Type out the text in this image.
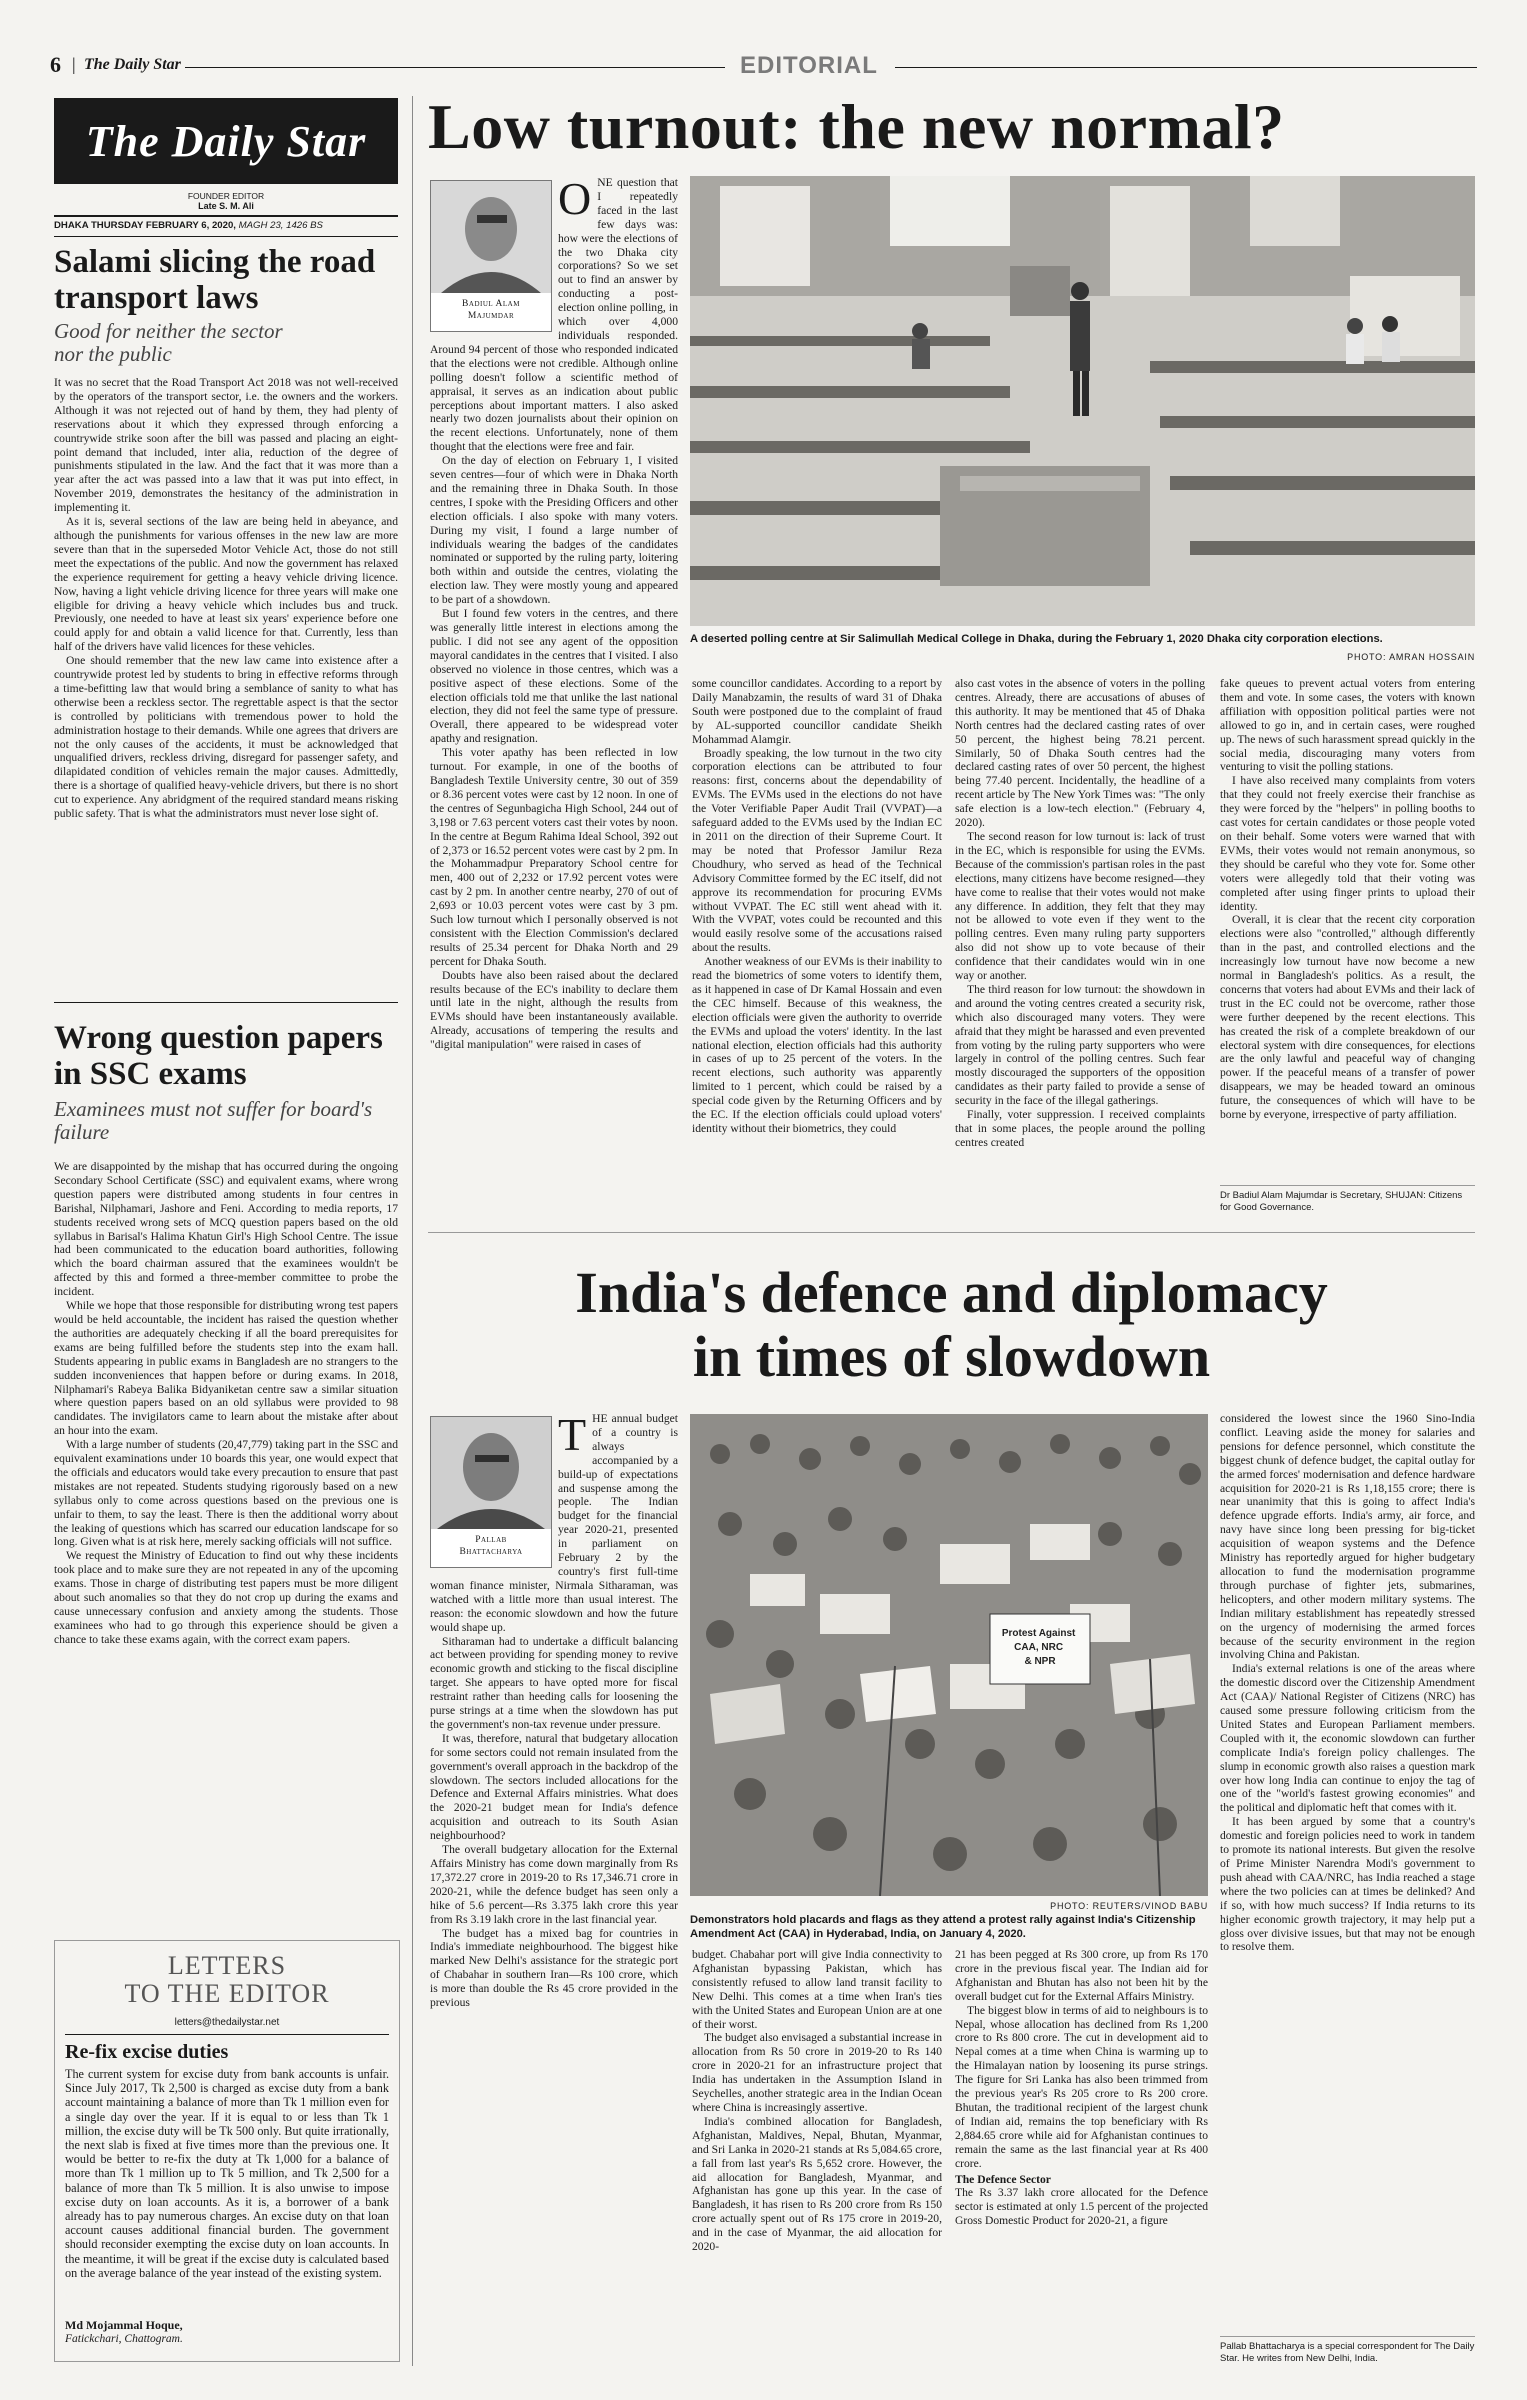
6 | The Daily Star	EDITORIAL
The Daily Star
FOUNDER EDITOR
Late S. M. Ali
DHAKA THURSDAY FEBRUARY 6, 2020, MAGH 23, 1426 BS
Salami slicing the road transport laws
Good for neither the sector nor the public

It was no secret that the Road Transport Act 2018 was not well-received by the operators of the transport sector, i.e. the owners and the workers. Although it was not rejected out of hand by them, they had plenty of reservations about it which they expressed through enforcing a countrywide strike soon after the bill was passed and placing an eight-point demand that included, inter alia, reduction of the degree of punishments stipulated in the law. And the fact that it was more than a year after the act was passed into a law that it was put into effect, in November 2019, demonstrates the hesitancy of the administration in implementing it.

As it is, several sections of the law are being held in abeyance, and although the punishments for various offenses in the new law are more severe than that in the superseded Motor Vehicle Act, those do not still meet the expectations of the public. And now the government has relaxed the experience requirement for getting a heavy vehicle driving licence. Now, having a light vehicle driving licence for three years will make one eligible for driving a heavy vehicle which includes bus and truck. Previously, one needed to have at least six years' experience before one could apply for and obtain a valid licence for that. Currently, less than half of the drivers have valid licences for these vehicles.

One should remember that the new law came into existence after a countrywide protest led by students to bring in effective reforms through a time-befitting law that would bring a semblance of sanity to what has otherwise been a reckless sector. The regrettable aspect is that the sector is controlled by politicians with tremendous power to hold the administration hostage to their demands. While one agrees that drivers are not the only causes of the accidents, it must be acknowledged that unqualified drivers, reckless driving, disregard for passenger safety, and dilapidated condition of vehicles remain the major causes. Admittedly, there is a shortage of qualified heavy-vehicle drivers, but there is no short cut to experience. Any abridgment of the required standard means risking public safety. That is what the administrators must never lose sight of.

Wrong question papers in SSC exams
Examinees must not suffer for board's failure

We are disappointed by the mishap that has occurred during the ongoing Secondary School Certificate (SSC) and equivalent exams, where wrong question papers were distributed among students in four centres in Barishal, Nilphamari, Jashore and Feni. According to media reports, 17 students received wrong sets of MCQ question papers based on the old syllabus in Barisal's Halima Khatun Girl's High School Centre. The issue had been communicated to the education board authorities, following which the board chairman assured that the examinees wouldn't be affected by this and formed a three-member committee to probe the incident.

While we hope that those responsible for distributing wrong test papers would be held accountable, the incident has raised the question whether the authorities are adequately checking if all the board prerequisites for exams are being fulfilled before the students step into the exam hall. Students appearing in public exams in Bangladesh are no strangers to the sudden inconveniences that happen before or during exams. In 2018, Nilphamari's Rabeya Balika Bidyaniketan centre saw a similar situation where question papers based on an old syllabus were provided to 98 candidates. The invigilators came to learn about the mistake after about an hour into the exam.

With a large number of students (20,47,779) taking part in the SSC and equivalent examinations under 10 boards this year, one would expect that the officials and educators would take every precaution to ensure that past mistakes are not repeated. Students studying rigorously based on a new syllabus only to come across questions based on the previous one is unfair to them, to say the least. There is then the additional worry about the leaking of questions which has scarred our education landscape for so long. Given what is at risk here, merely sacking officials will not suffice.

We request the Ministry of Education to find out why these incidents took place and to make sure they are not repeated in any of the upcoming exams. Those in charge of distributing test papers must be more diligent about such anomalies so that they do not crop up during the exams and cause unnecessary confusion and anxiety among the students. Those examinees who had to go through this experience should be given a chance to take these exams again, with the correct exam papers.

LETTERS
TO THE EDITOR
letters@thedailystar.net
Re-fix excise duties
The current system for excise duty from bank accounts is unfair. Since July 2017, Tk 2,500 is charged as excise duty from a bank account maintaining a balance of more than Tk 1 million even for a single day over the year. If it is equal to or less than Tk 1 million, the excise duty will be Tk 500 only. But quite irrationally, the next slab is fixed at five times more than the previous one. It would be better to re-fix the duty at Tk 1,000 for a balance of more than Tk 1 million up to Tk 5 million, and Tk 2,500 for a balance of more than Tk 5 million. It is also unwise to impose excise duty on loan accounts. As it is, a borrower of a bank already has to pay numerous charges. An excise duty on that loan account causes additional financial burden. The government should reconsider exempting the excise duty on loan accounts. In the meantime, it will be great if the excise duty is calculated based on the average balance of the year instead of the existing system.
Md Mojammal Hoque,
Fatickchari, Chattogram.
Low turnout: the new normal?
Badiul Alam
Majumdar
O NE question that I repeatedly faced in the last few days was: how were the elections of the two Dhaka city corporations? So we set out to find an answer by conducting a post-election online polling, in which over 4,000 individuals responded. Around 94 percent of those who responded indicated that the elections were not credible. Although online polling doesn't follow a scientific method of appraisal, it serves as an indication about public perceptions about important matters. I also asked nearly two dozen journalists about their opinion on the recent elections. Unfortunately, none of them thought that the elections were free and fair.

On the day of election on February 1, I visited seven centres—four of which were in Dhaka North and the remaining three in Dhaka South. In those centres, I spoke with the Presiding Officers and other election officials. I also spoke with many voters. During my visit, I found a large number of individuals wearing the badges of the candidates nominated or supported by the ruling party, loitering both within and outside the centres, violating the election law. They were mostly young and appeared to be part of a showdown.

But I found few voters in the centres, and there was generally little interest in elections among the public. I did not see any agent of the opposition mayoral candidates in the centres that I visited. I also observed no violence in those centres, which was a positive aspect of these elections. Some of the election officials told me that unlike the last national election, they did not feel the same type of pressure. Overall, there appeared to be widespread voter apathy and resignation.

This voter apathy has been reflected in low turnout. For example, in one of the booths of Bangladesh Textile University centre, 30 out of 359 or 8.36 percent votes were cast by 12 noon. In one of the centres of Segunbagicha High School, 244 out of 3,198 or 7.63 percent voters cast their votes by noon. In the centre at Begum Rahima Ideal School, 392 out of 2,373 or 16.52 percent votes were cast by 2 pm. In the Mohammadpur Preparatory School centre for men, 400 out of 2,232 or 17.92 percent votes were cast by 2 pm. In another centre nearby, 270 of out of 2,693 or 10.03 percent votes were cast by 3 pm. Such low turnout which I personally observed is not consistent with the Election Commission's declared results of 25.34 percent for Dhaka North and 29 percent for Dhaka South.

Doubts have also been raised about the declared results because of the EC's inability to declare them until late in the night, although the results from EVMs should have been instantaneously available. Already, accusations of tempering the results and "digital manipulation" were raised in cases of

A deserted polling centre at Sir Salimullah Medical College in Dhaka, during the February 1, 2020 Dhaka city corporation elections.
PHOTO: AMRAN HOSSAIN

some councillor candidates. According to a report by Daily Manabzamin, the results of ward 31 of Dhaka South were postponed due to the complaint of fraud by AL-supported councillor candidate Sheikh Mohammad Alamgir.

Broadly speaking, the low turnout in the two city corporation elections can be attributed to four reasons: first, concerns about the dependability of EVMs. The EVMs used in the elections do not have the Voter Verifiable Paper Audit Trail (VVPAT)—a safeguard added to the EVMs used by the Indian EC in 2011 on the direction of their Supreme Court. It may be noted that Professor Jamilur Reza Choudhury, who served as head of the Technical Advisory Committee formed by the EC itself, did not approve its recommendation for procuring EVMs without VVPAT. The EC still went ahead with it. With the VVPAT, votes could be recounted and this would easily resolve some of the accusations raised about the results.

Another weakness of our EVMs is their inability to read the biometrics of some voters to identify them, as it happened in case of Dr Kamal Hossain and even the CEC himself. Because of this weakness, the election officials were given the authority to override the EVMs and upload the voters' identity. In the last national election, election officials had this authority in cases of up to 25 percent of the voters. In the recent elections, such authority was apparently limited to 1 percent, which could be raised by a special code given by the Returning Officers and by the EC. If the election officials could upload voters' identity without their biometrics, they could

also cast votes in the absence of voters in the polling centres. Already, there are accusations of abuses of this authority. It may be mentioned that 45 of Dhaka North centres had the declared casting rates of over 50 percent, the highest being 78.21 percent. Similarly, 50 of Dhaka South centres had the declared casting rates of over 50 percent, the highest being 77.40 percent. Incidentally, the headline of a recent article by The New York Times was: "The only safe election is a low-tech election." (February 4, 2020).

The second reason for low turnout is: lack of trust in the EC, which is responsible for using the EVMs. Because of the commission's partisan roles in the past elections, many citizens have become resigned—they have come to realise that their votes would not make any difference. In addition, they felt that they may not be allowed to vote even if they went to the polling centres. Even many ruling party supporters also did not show up to vote because of their confidence that their candidates would win in one way or another.

The third reason for low turnout: the showdown in and around the voting centres created a security risk, which also discouraged many voters. They were afraid that they might be harassed and even prevented from voting by the ruling party supporters who were largely in control of the polling centres. Such fear mostly discouraged the supporters of the opposition candidates as their party failed to provide a sense of security in the face of the illegal gatherings.

Finally, voter suppression. I received complaints that in some places, the people around the polling centres created

fake queues to prevent actual voters from entering them and vote. In some cases, the voters with known affiliation with opposition political parties were not allowed to go in, and in certain cases, were roughed up. The news of such harassment spread quickly in the social media, discouraging many voters from venturing to visit the polling stations.

I have also received many complaints from voters that they could not freely exercise their franchise as they were forced by the "helpers" in polling booths to cast votes for certain candidates or those people voted on their behalf. Some voters were warned that with EVMs, their votes would not remain anonymous, so they should be careful who they vote for. Some other voters were allegedly told that their voting was completed after using finger prints to upload their identity.

Overall, it is clear that the recent city corporation elections were also "controlled," although differently than in the past, and controlled elections and the increasingly low turnout have now become a new normal in Bangladesh's politics. As a result, the concerns that voters had about EVMs and their lack of trust in the EC could not be overcome, rather those were further deepened by the recent elections. This has created the risk of a complete breakdown of our electoral system with dire consequences, for elections are the only lawful and peaceful way of changing power. If the peaceful means of a transfer of power disappears, we may be headed toward an ominous future, the consequences of which will have to be borne by everyone, irrespective of party affiliation.

Dr Badiul Alam Majumdar is Secretary, SHUJAN: Citizens for Good Governance.
India's defence and diplomacy
in times of slowdown
Pallab
Bhattacharya
T HE annual budget of a country is always accompanied by a build-up of expectations and suspense among the people. The Indian budget for the financial year 2020-21, presented in parliament on February 2 by the country's first full-time woman finance minister, Nirmala Sitharaman, was watched with a little more than usual interest. The reason: the economic slowdown and how the future would shape up.

Sitharaman had to undertake a difficult balancing act between providing for spending money to revive economic growth and sticking to the fiscal discipline target. She appears to have opted more for fiscal restraint rather than heeding calls for loosening the purse strings at a time when the slowdown has put the government's non-tax revenue under pressure.

It was, therefore, natural that budgetary allocation for some sectors could not remain insulated from the government's overall approach in the backdrop of the slowdown. The sectors included allocations for the Defence and External Affairs ministries. What does the 2020-21 budget mean for India's defence acquisition and outreach to its South Asian neighbourhood?

The overall budgetary allocation for the External Affairs Ministry has come down marginally from Rs 17,372.27 crore in 2019-20 to Rs 17,346.71 crore in 2020-21, while the defence budget has seen only a hike of 5.6 percent—Rs 3.375 lakh crore this year from Rs 3.19 lakh crore in the last financial year.

The budget has a mixed bag for countries in India's immediate neighbourhood. The biggest hike marked New Delhi's assistance for the strategic port of Chabahar in southern Iran—Rs 100 crore, which is more than double the Rs 45 crore provided in the previous

Protest Against CAA, NRC & NPR
PHOTO: REUTERS/VINOD BABU
Demonstrators hold placards and flags as they attend a protest rally against India's Citizenship Amendment Act (CAA) in Hyderabad, India, on January 4, 2020.

budget. Chabahar port will give India connectivity to Afghanistan bypassing Pakistan, which has consistently refused to allow land transit facility to New Delhi. This comes at a time when Iran's ties with the United States and European Union are at one of their worst.

The budget also envisaged a substantial increase in allocation from Rs 50 crore in 2019-20 to Rs 140 crore in 2020-21 for an infrastructure project that India has undertaken in the Assumption Island in Seychelles, another strategic area in the Indian Ocean where China is increasingly assertive.

India's combined allocation for Bangladesh, Afghanistan, Maldives, Nepal, Bhutan, Myanmar, and Sri Lanka in 2020-21 stands at Rs 5,084.65 crore, a fall from last year's Rs 5,652 crore. However, the aid allocation for Bangladesh, Myanmar, and Afghanistan has gone up this year. In the case of Bangladesh, it has risen to Rs 200 crore from Rs 150 crore actually spent out of Rs 175 crore in 2019-20, and in the case of Myanmar, the aid allocation for 2020-

21 has been pegged at Rs 300 crore, up from Rs 170 crore in the previous fiscal year. The Indian aid for Afghanistan and Bhutan has also not been hit by the overall budget cut for the External Affairs Ministry.

The biggest blow in terms of aid to neighbours is to Nepal, whose allocation has declined from Rs 1,200 crore to Rs 800 crore. The cut in development aid to Nepal comes at a time when China is warming up to the Himalayan nation by loosening its purse strings. The figure for Sri Lanka has also been trimmed from the previous year's Rs 205 crore to Rs 200 crore. Bhutan, the traditional recipient of the largest chunk of Indian aid, remains the top beneficiary with Rs 2,884.65 crore while aid for Afghanistan continues to remain the same as the last financial year at Rs 400 crore.

The Defence Sector

The Rs 3.37 lakh crore allocated for the Defence sector is estimated at only 1.5 percent of the projected Gross Domestic Product for 2020-21, a figure

considered the lowest since the 1960 Sino-India conflict. Leaving aside the money for salaries and pensions for defence personnel, which constitute the biggest chunk of defence budget, the capital outlay for the armed forces' modernisation and defence hardware acquisition for 2020-21 is Rs 1,18,155 crore; there is near unanimity that this is going to affect India's defence upgrade efforts. India's army, air force, and navy have since long been pressing for big-ticket acquisition of weapon systems and the Defence Ministry has reportedly argued for higher budgetary allocation to fund the modernisation programme through purchase of fighter jets, submarines, helicopters, and other modern military systems. The Indian military establishment has repeatedly stressed on the urgency of modernising the armed forces because of the security environment in the region involving China and Pakistan.

India's external relations is one of the areas where the domestic discord over the Citizenship Amendment Act (CAA)/ National Register of Citizens (NRC) has caused some pressure following criticism from the United States and European Parliament members. Coupled with it, the economic slowdown can further complicate India's foreign policy challenges. The slump in economic growth also raises a question mark over how long India can continue to enjoy the tag of one of the "world's fastest growing economies" and the political and diplomatic heft that comes with it.

It has been argued by some that a country's domestic and foreign policies need to work in tandem to promote its national interests. But given the resolve of Prime Minister Narendra Modi's government to push ahead with CAA/NRC, has India reached a stage where the two policies can at times be delinked? And if so, with how much success? If India returns to its higher economic growth trajectory, it may help put a gloss over divisive issues, but that may not be enough to resolve them.

Pallab Bhattacharya is a special correspondent for The Daily Star. He writes from New Delhi, India.
